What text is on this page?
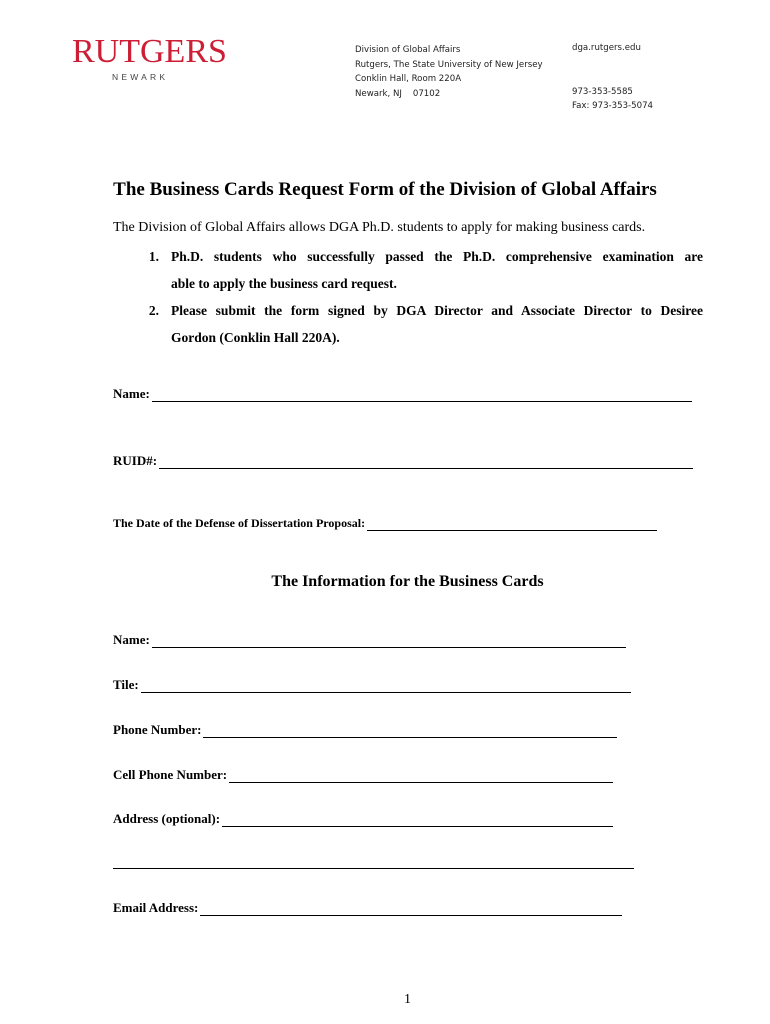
RUTGERS
NEWARK
Division of Global Affairs
Rutgers, The State University of New Jersey
Conklin Hall, Room 220A
Newark, NJ    07102
dga.rutgers.edu
973-353-5585
Fax: 973-353-5074
The Business Cards Request Form of the Division of Global Affairs
The Division of Global Affairs allows DGA Ph.D. students to apply for making business cards.
1. Ph.D. students who successfully passed the Ph.D. comprehensive examination are
able to apply the business card request.
2. Please submit the form signed by DGA Director and Associate Director to Desiree
Gordon (Conklin Hall 220A).
Name:
RUID#:
The Date of the Defense of Dissertation Proposal:
The Information for the Business Cards
Name:
Tile:
Phone Number:
Cell Phone Number:
Address (optional):
Email Address:
1
